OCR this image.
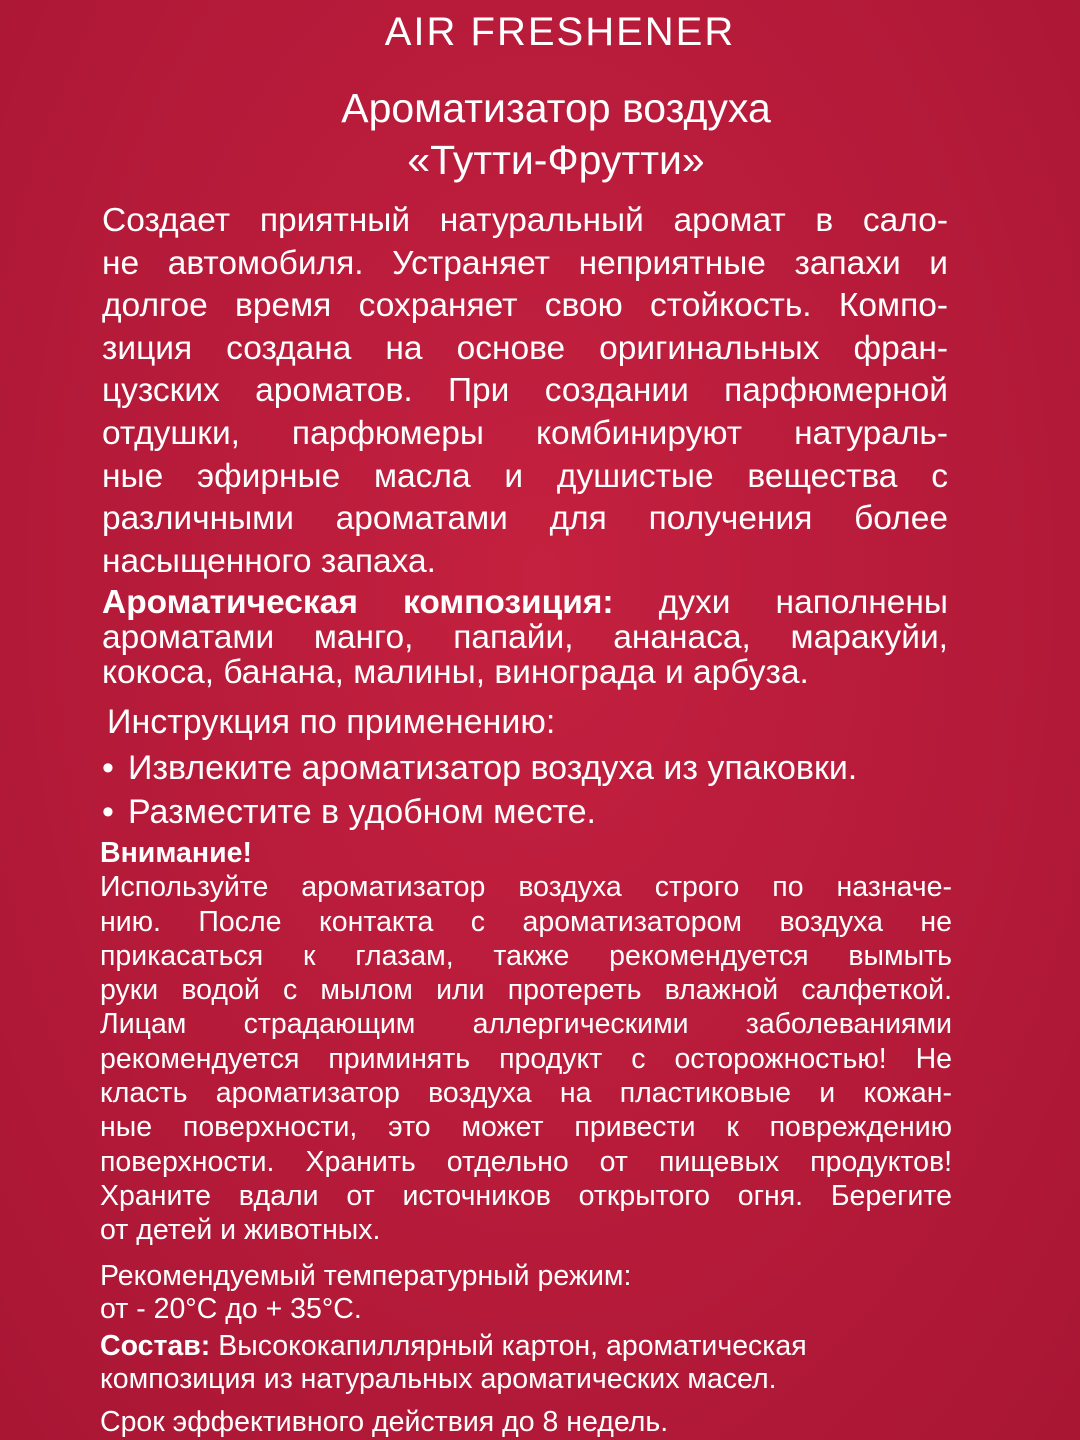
AIR FRESHENER
Ароматизатор воздуха
«Тутти-Фрутти»
Создает приятный натуральный аромат в сало-
не автомобиля. Устраняет неприятные запахи и
долгое время сохраняет свою стойкость. Компо-
зиция создана на основе оригинальных фран-
цузских ароматов. При создании парфюмерной
отдушки, парфюмеры комбинируют натураль-
ные эфирные масла и душистые вещества с
различными ароматами для получения более
насыщенного запаха.
Ароматическая композиция: духи наполнены
ароматами манго, папайи, ананаса, маракуйи,
кокоса, банана, малины, винограда и арбуза.
Инструкция по применению:
• Извлеките ароматизатор воздуха из упаковки.
• Разместите в удобном месте.
Внимание!
Используйте ароматизатор воздуха строго по назначе-
нию. После контакта с ароматизатором воздуха не
прикасаться к глазам, также рекомендуется вымыть
руки водой с мылом или протереть влажной салфеткой.
Лицам страдающим аллергическими заболеваниями
рекомендуется приминять продукт с осторожностью! Не
класть ароматизатор воздуха на пластиковые и кожан-
ные поверхности, это может привести к повреждению
поверхности. Хранить отдельно от пищевых продуктов!
Храните вдали от источников открытого огня. Берегите
от детей и животных.
Рекомендуемый температурный режим:
от - 20°С до + 35°С.
Состав: Высококапиллярный картон, ароматическая
композиция из натуральных ароматических масел.
Срок эффективного действия до 8 недель.
